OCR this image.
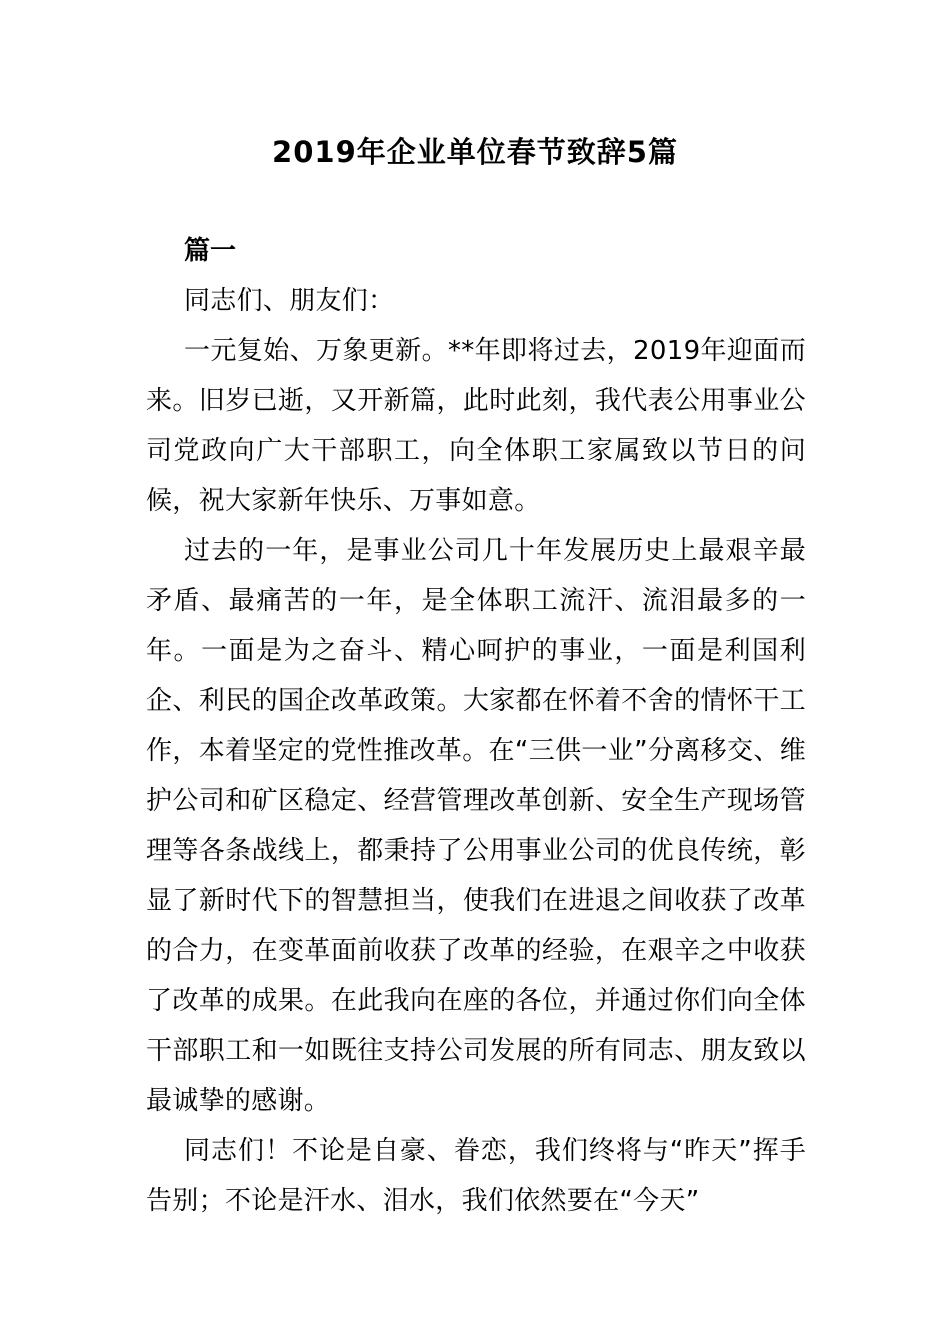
2019年企业单位春节致辞5篇
篇一

同志们、朋友们：

一元复始、万象更新。**年即将过去，2019年迎面而来。旧岁已逝，又开新篇，此时此刻，我代表公用事业公司党政向广大干部职工，向全体职工家属致以节日的问候，祝大家新年快乐、万事如意。

过去的一年，是事业公司几十年发展历史上最艰辛最矛盾、最痛苦的一年，是全体职工流汗、流泪最多的一年。一面是为之奋斗、精心呵护的事业，一面是利国利企、利民的国企改革政策。大家都在怀着不舍的情怀干工作，本着坚定的党性推改革。在“三供一业”分离移交、维护公司和矿区稳定、经营管理改革创新、安全生产现场管理等各条战线上，都秉持了公用事业公司的优良传统，彰显了新时代下的智慧担当，使我们在进退之间收获了改革的合力，在变革面前收获了改革的经验，在艰辛之中收获了改革的成果。在此我向在座的各位，并通过你们向全体干部职工和一如既往支持公司发展的所有同志、朋友致以最诚挚的感谢。

同志们！不论是自豪、眷恋，我们终将与“昨天”挥手告别；不论是汗水、泪水，我们依然要在“今天”
